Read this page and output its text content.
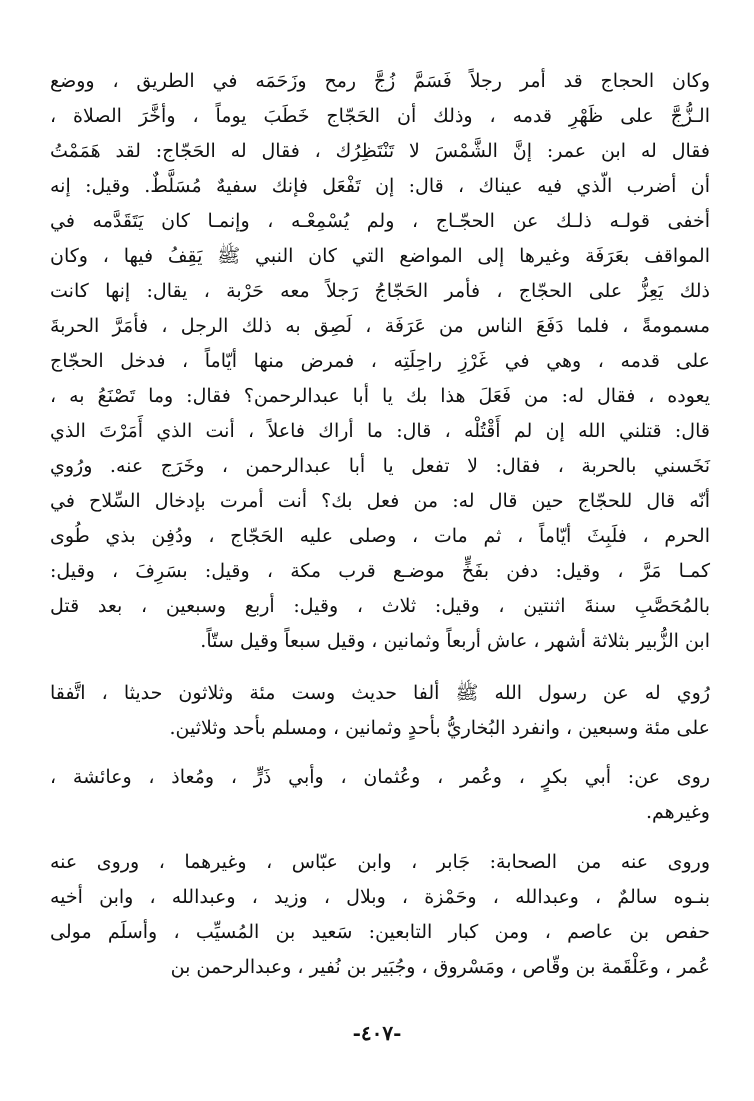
وكان الحجاج قد أمر رجلاً فَسَمَّ زُجَّ رمح وزَحَمَه في الطريق ، ووضع
الـزُّجَّ على ظَهْرِ قدمه ، وذلك أن الحَجّاج خَطَبَ يوماً ، وأخَّرَ الصلاة ،
فقال له ابن عمر: إنَّ الشَّمْسَ لا تَنْتَظِرُك ، فقال له الحَجّاج: لقد هَمَمْتُ
أن أضرب الّذي فيه عيناك ، قال: إن تَفْعَل فإنك سفيهٌ مُسَلَّطٌ. وقيل: إنه
أخفى قولـه ذلـك عن الحجّـاج ، ولم يُسْمِعْـه ، وإنمـا كان يَتَقَدَّمه في
المواقف بعَرَفَة وغيرها إلى المواضع التي كان النبي ﷺ يَقِفُ فيها ، وكان
ذلك يَعِزُّ على الحجّاج ، فأمر الحَجّاجُ رَجلاً معه حَرْبة ، يقال: إنها كانت
مسمومةً ، فلما دَفَعَ الناس من عَرَفَة ، لَصِق به ذلك الرجل ، فأمَرَّ الحربةَ
على قدمه ، وهي في غَرْزِ راحِلَتِه ، فمرض منها أيّاماً ، فدخل الحجّاج
يعوده ، فقال له: من فَعَلَ هذا بك يا أبا عبدالرحمن؟ فقال: وما تَصْنَعُ به ،
قال: قتلني الله إن لم أَقْتُلْه ، قال: ما أراك فاعلاً ، أنت الذي أَمَرْتَ الذي
نَخَسني بالحربة ، فقال: لا تفعل يا أبا عبدالرحمن ، وخَرَج عنه. ورُوي
أنّه قال للحجّاج حين قال له: من فعل بك؟ أنت أمرت بإدخال السِّلاح في
الحرم ، فلَبِثَ أيّاماً ، ثم مات ، وصلى عليه الحَجّاج ، ودُفِن بذي طُوى
كمـا مَرَّ ، وقيل: دفن بفَخٍّ موضـع قرب مكة ، وقيل: بسَرِفَ ، وقيل:
بالمُحَصَّبِ سنةَ اثنتين ، وقيل: ثلاث ، وقيل: أربع وسبعين ، بعد قتل
ابن الزُّبير بثلاثة أشهر ، عاش أربعاً وثمانين ، وقيل سبعاً وقيل ستّاً.
رُوي له عن رسول الله ﷺ ألفا حديث وست مئة وثلاثون حديثا ، اتَّفقا
على مئة وسبعين ، وانفرد البُخاريُّ بأحدٍ وثمانين ، ومسلم بأحد وثلاثين.
روى عن: أبي بكرٍ ، وعُمر ، وعُثمان ، وأبي ذَرٍّ ، ومُعاذ ، وعائشة ،
وغيرهم.
وروى عنه من الصحابة: جَابر ، وابن عبّاس ، وغيرهما ، وروى عنه
بنـوه سالمٌ ، وعبدالله ، وحَمْزة ، وبلال ، وزيد ، وعبدالله ، وابن أخيه
حفص بن عاصم ، ومن كبار التابعين: سَعيد بن المُسيِّب ، وأسلَم مولى
عُمر ، وعَلْقَمة بن وقّاص ، ومَسْروق ، وجُبَير بن نُفير ، وعبدالرحمن بن
-٤٠٧-
